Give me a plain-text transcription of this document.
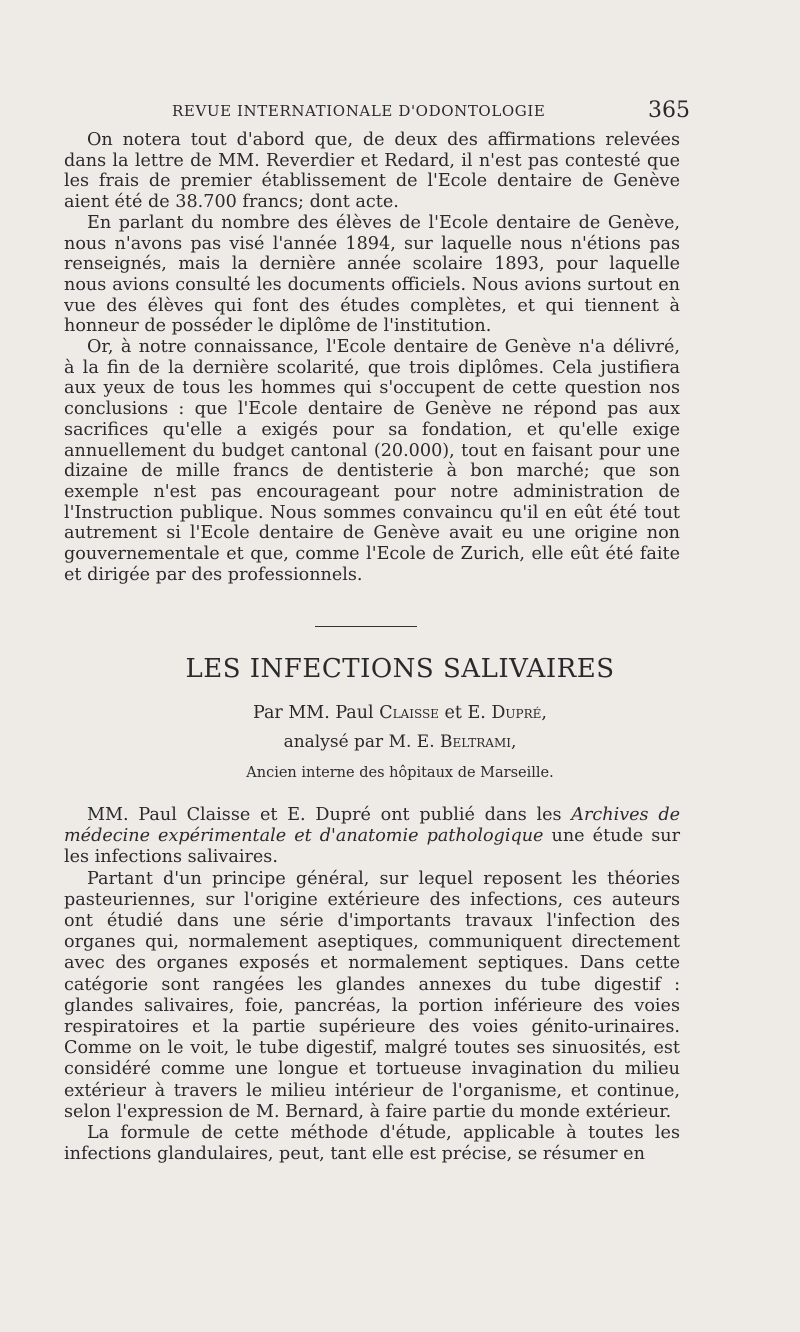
REVUE INTERNATIONALE D'ODONTOLOGIE	365

On notera tout d'abord que, de deux des affirmations relevées dans la lettre de MM. Reverdier et Redard, il n'est pas contesté que les frais de premier établissement de l'Ecole dentaire de Genève aient été de 38.700 francs; dont acte.

En parlant du nombre des élèves de l'Ecole dentaire de Genève, nous n'avons pas visé l'année 1894, sur laquelle nous n'étions pas renseignés, mais la dernière année scolaire 1893, pour laquelle nous avions consulté les documents officiels. Nous avions surtout en vue des élèves qui font des études complètes, et qui tiennent à honneur de posséder le diplôme de l'institution.

Or, à notre connaissance, l'Ecole dentaire de Genève n'a délivré, à la fin de la dernière scolarité, que trois diplômes. Cela justifiera aux yeux de tous les hommes qui s'occupent de cette question nos conclusions : que l'Ecole dentaire de Genève ne répond pas aux sacrifices qu'elle a exigés pour sa fondation, et qu'elle exige annuellement du budget cantonal (20.000), tout en faisant pour une dizaine de mille francs de dentisterie à bon marché; que son exemple n'est pas encourageant pour notre administration de l'Instruction publique. Nous sommes convaincu qu'il en eût été tout autrement si l'Ecole dentaire de Genève avait eu une origine non gouvernementale et que, comme l'Ecole de Zurich, elle eût été faite et dirigée par des professionnels.

LES INFECTIONS SALIVAIRES
Par MM. Paul Claisse et E. Dupré,
analysé par M. E. Beltrami,
Ancien interne des hôpitaux de Marseille.

MM. Paul Claisse et E. Dupré ont publié dans les Archives de médecine expérimentale et d'anatomie pathologique une étude sur les infections salivaires.

Partant d'un principe général, sur lequel reposent les théories pasteuriennes, sur l'origine extérieure des infections, ces auteurs ont étudié dans une série d'importants travaux l'infection des organes qui, normalement aseptiques, communiquent directement avec des organes exposés et normalement septiques. Dans cette catégorie sont rangées les glandes annexes du tube digestif : glandes salivaires, foie, pancréas, la portion inférieure des voies respiratoires et la partie supérieure des voies génito-urinaires. Comme on le voit, le tube digestif, malgré toutes ses sinuosités, est considéré comme une longue et tortueuse invagination du milieu extérieur à travers le milieu intérieur de l'organisme, et continue, selon l'expression de M. Bernard, à faire partie du monde extérieur.

La formule de cette méthode d'étude, applicable à toutes les infections glandulaires, peut, tant elle est précise, se résumer en
